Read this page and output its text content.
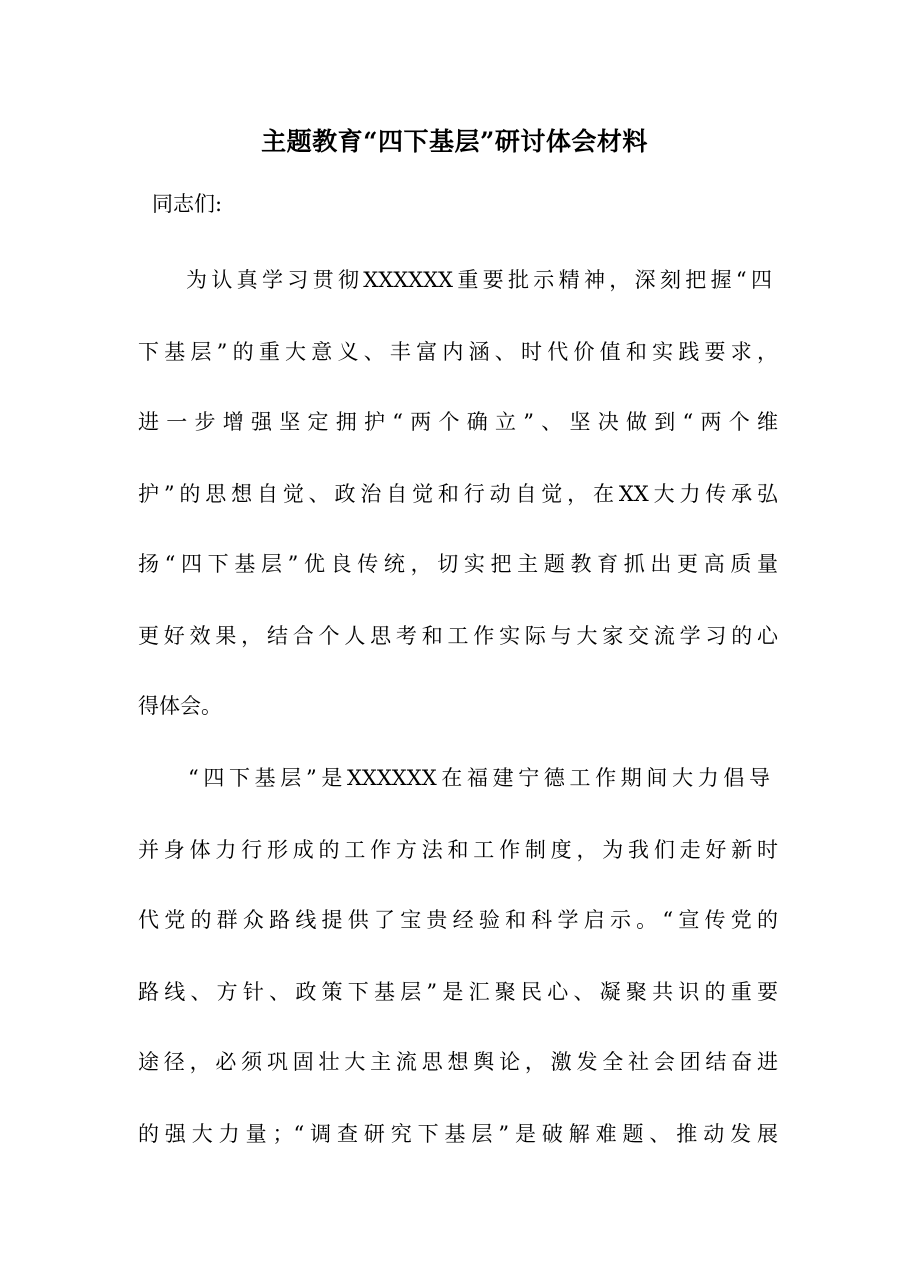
主题教育“四下基层”研讨体会材料

同志们:

为认真学习贯彻XXXXXX重要批示精神，深刻把握“四

下基层”的重大意义、丰富内涵、时代价值和实践要求，

进一步增强坚定拥护“两个确立”、坚决做到“两个维

护”的思想自觉、政治自觉和行动自觉，在XX大力传承弘

扬“四下基层”优良传统，切实把主题教育抓出更高质量

更好效果，结合个人思考和工作实际与大家交流学习的心

得体会。

“四下基层”是XXXXXX在福建宁德工作期间大力倡导

并身体力行形成的工作方法和工作制度，为我们走好新时

代党的群众路线提供了宝贵经验和科学启示。“宣传党的

路线、方针、政策下基层”是汇聚民心、凝聚共识的重要

途径，必须巩固壮大主流思想舆论，激发全社会团结奋进

的强大力量；“调查研究下基层”是破解难题、推动发展
